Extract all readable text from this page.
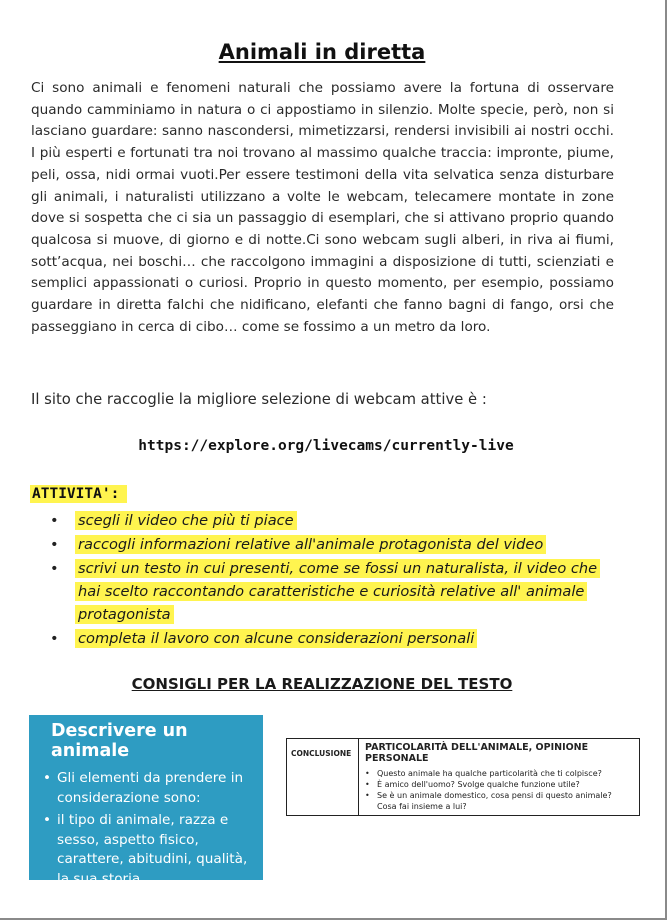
Animali in diretta

Ci sono animali e fenomeni naturali che possiamo avere la fortuna di osservare quando camminiamo in natura o ci appostiamo in silenzio. Molte specie, però, non si lasciano guardare: sanno nascondersi, mimetizzarsi, rendersi invisibili ai nostri occhi. I più esperti e fortunati tra noi trovano al massimo qualche traccia: impronte, piume, peli, ossa, nidi ormai vuoti.Per essere testimoni della vita selvatica senza disturbare gli animali, i naturalisti utilizzano a volte le webcam, telecamere montate in zone dove si sospetta che ci sia un passaggio di esemplari, che si attivano proprio quando qualcosa si muove, di giorno e di notte.Ci sono webcam sugli alberi, in riva ai fiumi, sott’acqua, nei boschi… che raccolgono immagini a disposizione di tutti, scienziati e semplici appassionati o curiosi. Proprio in questo momento, per esempio, possiamo guardare in diretta falchi che nidificano, elefanti che fanno bagni di fango, orsi che passeggiano in cerca di cibo… come se fossimo a un metro da loro.

Il sito che raccoglie la migliore selezione di webcam attive è :

https://explore.org/livecams/currently-live

ATTIVITA':

• scegli il video che più ti piace
• raccogli informazioni relative all'animale protagonista del video
• scrivi un testo in cui presenti, come se fossi un naturalista, il video che hai scelto raccontando caratteristiche e curiosità relative all' animale protagonista
• completa il lavoro con alcune considerazioni personali

CONSIGLI PER LA REALIZZAZIONE DEL TESTO

Descrivere un animale

• Gli elementi da prendere in considerazione sono:

• il tipo di animale, razza e sesso, aspetto fisico, carattere, abitudini, qualità, la sua storia

CONCLUSIONE

PARTICOLARITÀ DELL'ANIMALE, OPINIONE PERSONALE

• Questo animale ha qualche particolarità che ti colpisce?

• È amico dell'uomo? Svolge qualche funzione utile?

• Se è un animale domestico, cosa pensi di questo animale?
Cosa fai insieme a lui?
